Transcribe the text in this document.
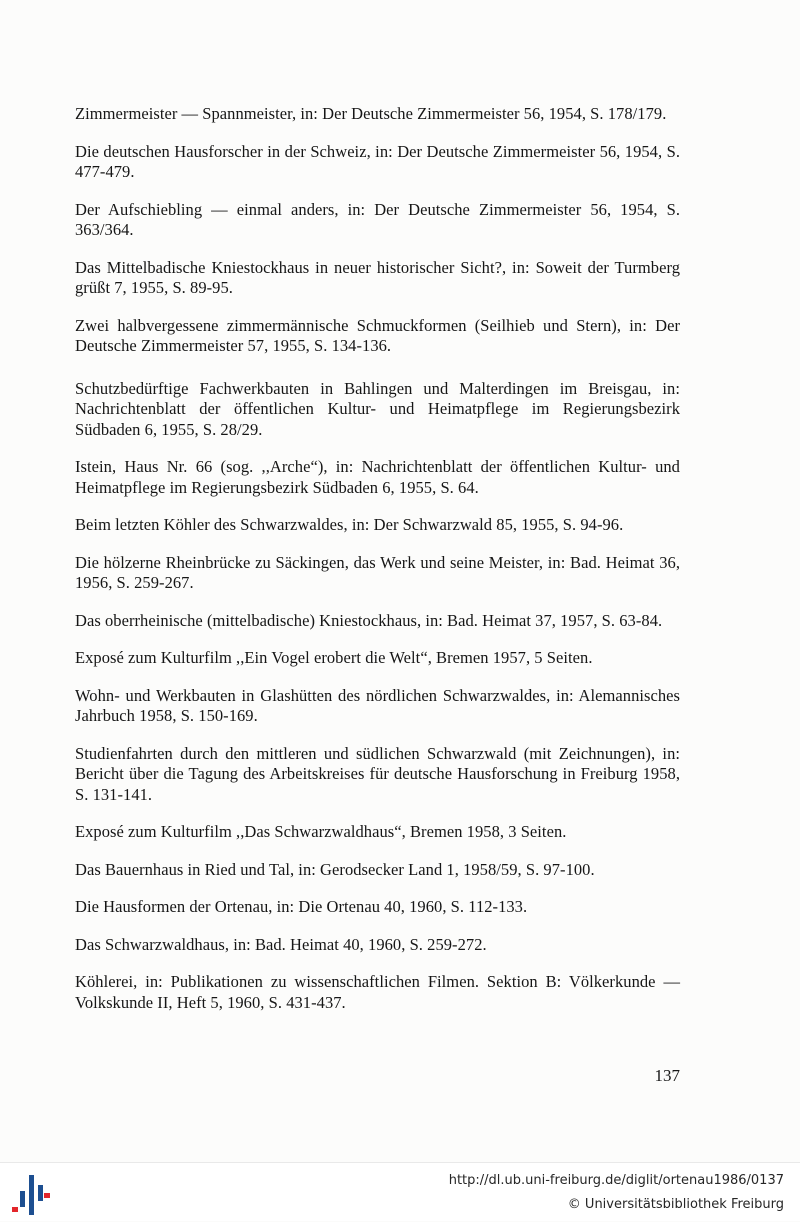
Zimmermeister — Spannmeister, in: Der Deutsche Zimmermeister 56, 1954, S. 178/179.

Die deutschen Hausforscher in der Schweiz, in: Der Deutsche Zimmermeister 56, 1954, S. 477-479.

Der Aufschiebling — einmal anders, in: Der Deutsche Zimmermeister 56, 1954, S. 363/364.

Das Mittelbadische Kniestockhaus in neuer historischer Sicht?, in: Soweit der Turmberg grüßt 7, 1955, S. 89-95.

Zwei halbvergessene zimmermännische Schmuckformen (Seilhieb und Stern), in: Der Deutsche Zimmermeister 57, 1955, S. 134-136.

Schutzbedürftige Fachwerkbauten in Bahlingen und Malterdingen im Breisgau, in: Nachrichtenblatt der öffentlichen Kultur- und Heimatpflege im Regierungsbezirk Südbaden 6, 1955, S. 28/29.

Istein, Haus Nr. 66 (sog. ,,Arche“), in: Nachrichtenblatt der öffentlichen Kultur- und Heimatpflege im Regierungsbezirk Südbaden 6, 1955, S. 64.

Beim letzten Köhler des Schwarzwaldes, in: Der Schwarzwald 85, 1955, S. 94-96.

Die hölzerne Rheinbrücke zu Säckingen, das Werk und seine Meister, in: Bad. Heimat 36, 1956, S. 259-267.

Das oberrheinische (mittelbadische) Kniestockhaus, in: Bad. Heimat 37, 1957, S. 63-84.

Exposé zum Kulturfilm ,,Ein Vogel erobert die Welt“, Bremen 1957, 5 Seiten.

Wohn- und Werkbauten in Glashütten des nördlichen Schwarzwaldes, in: Alemannisches Jahrbuch 1958, S. 150-169.

Studienfahrten durch den mittleren und südlichen Schwarzwald (mit Zeichnungen), in: Bericht über die Tagung des Arbeitskreises für deutsche Hausforschung in Freiburg 1958, S. 131-141.

Exposé zum Kulturfilm ,,Das Schwarzwaldhaus“, Bremen 1958, 3 Seiten.

Das Bauernhaus in Ried und Tal, in: Gerodsecker Land 1, 1958/59, S. 97-100.

Die Hausformen der Ortenau, in: Die Ortenau 40, 1960, S. 112-133.

Das Schwarzwaldhaus, in: Bad. Heimat 40, 1960, S. 259-272.

Köhlerei, in: Publikationen zu wissenschaftlichen Filmen. Sektion B: Völkerkunde — Volkskunde II, Heft 5, 1960, S. 431-437.

137
http://dl.ub.uni-freiburg.de/diglit/ortenau1986/0137
© Universitätsbibliothek Freiburg
